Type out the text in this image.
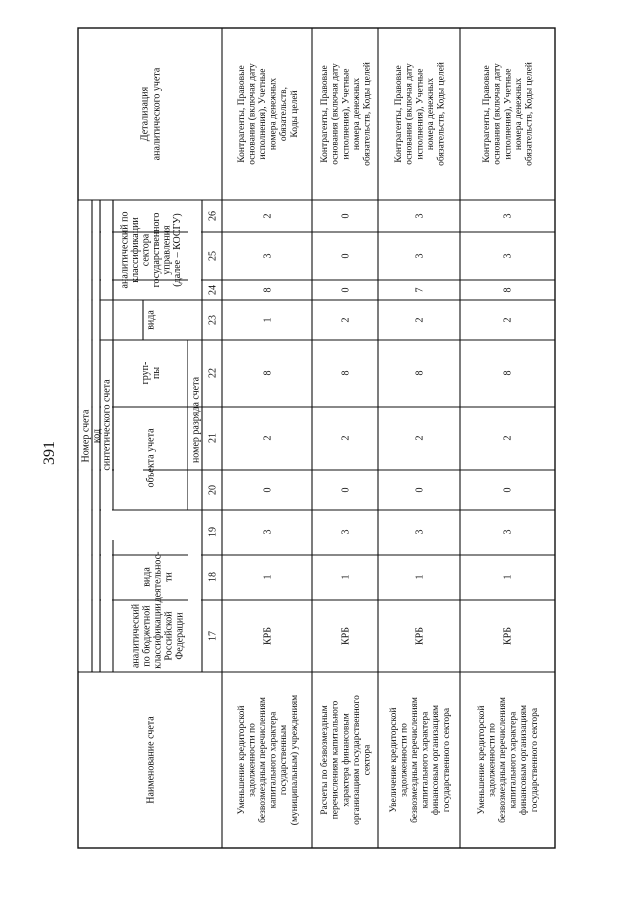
391
Наименование счета
Номер счета код синтетического счета	объекта учета
груп-пы
вида
аналитический поклассификациисекторагосударственногоуправления(далее – КОСГУ)
аналитическийпо бюджетнойклассификацииРоссийскойФедерации
видадеятельнос-ти
номер разряда счета
Детализацияаналитического учета
17
18
19
20
21
22
23
24
25
26
Уменьшение кредиторскойзадолженности побезвозмездным перечислениямкапитального характерагосударственным(муниципальным) учреждениям
КРБ
1
3
0
2
8
1
8
3
2
Контрагенты, Правовыеоснования (включая датуисполнения), Учетныеномера денежныхобязательств,Коды целей
Расчеты по безвозмезднымперечислениям капитальногохарактера финансовыморганизациям государственногосектора
КРБ
1
3
0
2
8
2
0
0
0
Контрагенты, Правовыеоснования (включая датуисполнения), Учетныеномера денежныхобязательств, Коды целей
Увеличение кредиторскойзадолженности побезвозмездным перечислениямкапитального характерафинансовым организациямгосударственного сектора
КРБ
1
3
0
2
8
2
7
3
3
Контрагенты, Правовыеоснования (включая датуисполнения), Учетныеномера денежныхобязательств, Коды целей
Уменьшение кредиторскойзадолженности побезвозмездным перечислениямкапитального характерафинансовым организациямгосударственного сектора
КРБ
1
3
0
2
8
2
8
3
3
Контрагенты, Правовыеоснования (включая датуисполнения), Учетныеномера денежныхобязательств, Коды целей
